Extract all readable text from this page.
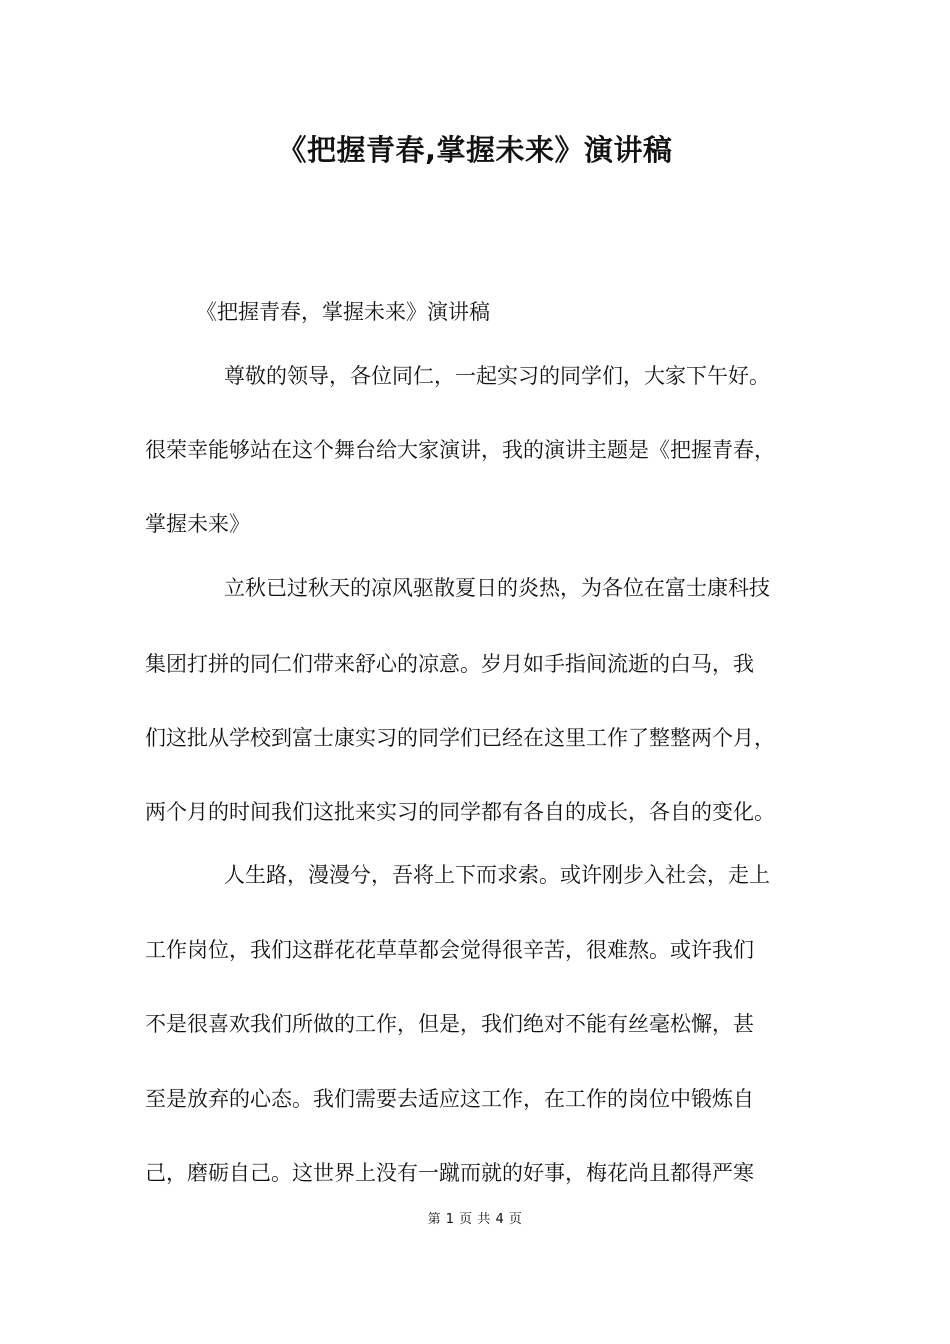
《把握青春,掌握未来》演讲稿
《把握青春，掌握未来》演讲稿
尊敬的领导，各位同仁，一起实习的同学们，大家下午好。
很荣幸能够站在这个舞台给大家演讲，我的演讲主题是《把握青春，
掌握未来》
立秋已过秋天的凉风驱散夏日的炎热，为各位在富士康科技
集团打拼的同仁们带来舒心的凉意。岁月如手指间流逝的白马，我
们这批从学校到富士康实习的同学们已经在这里工作了整整两个月，
两个月的时间我们这批来实习的同学都有各自的成长，各自的变化。
人生路，漫漫兮，吾将上下而求索。或许刚步入社会，走上
工作岗位，我们这群花花草草都会觉得很辛苦，很难熬。或许我们
不是很喜欢我们所做的工作，但是，我们绝对不能有丝毫松懈，甚
至是放弃的心态。我们需要去适应这工作，在工作的岗位中锻炼自
己，磨砺自己。这世界上没有一蹴而就的好事，梅花尚且都得严寒
第 1 页 共 4 页
